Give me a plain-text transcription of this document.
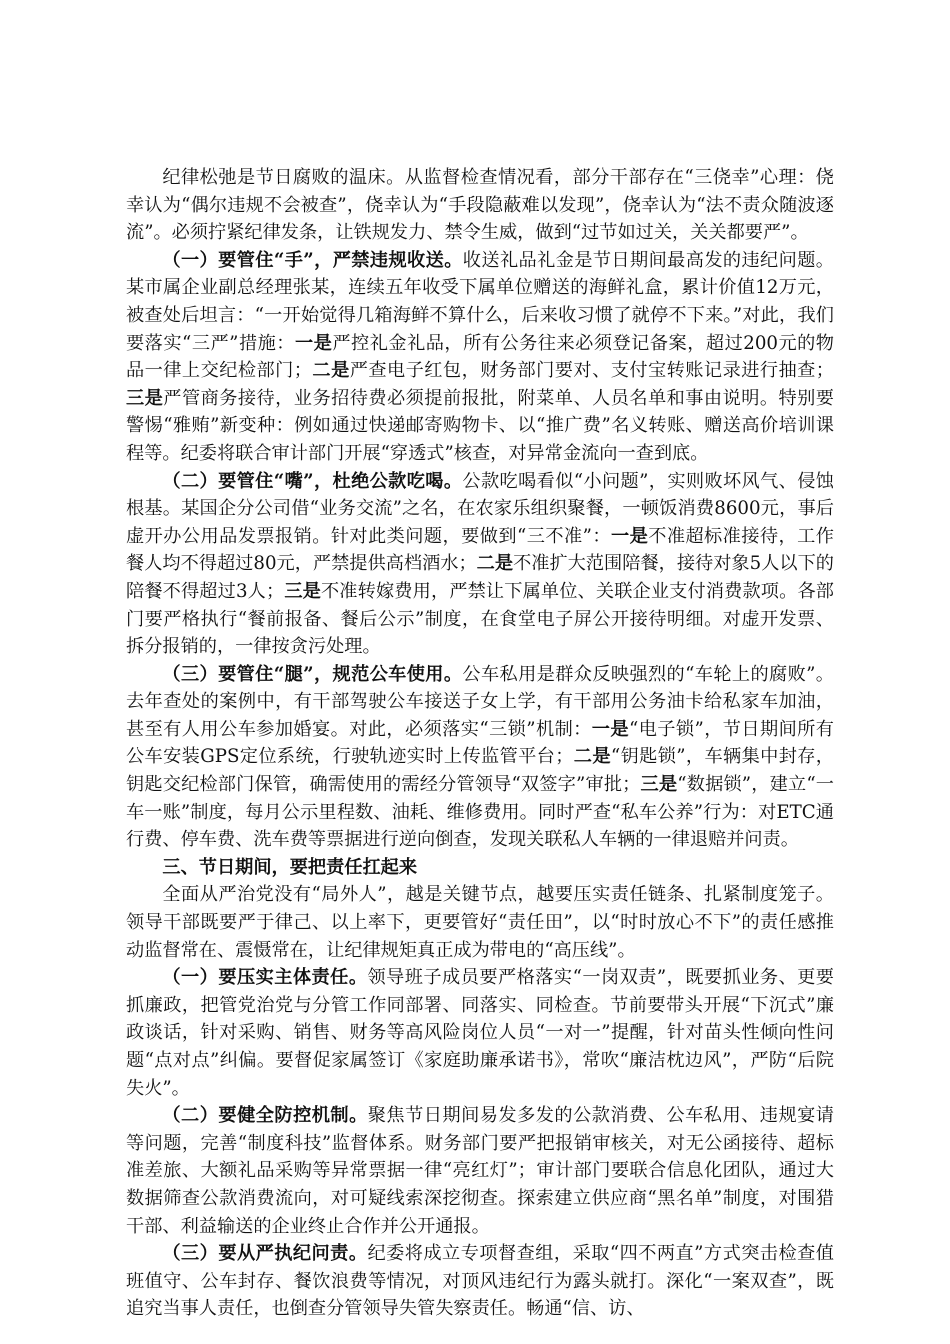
纪律松弛是节日腐败的温床。从监督检查情况看，部分干部存在“三侥幸”心理：侥幸认为“偶尔违规不会被查”，侥幸认为“手段隐蔽难以发现”，侥幸认为“法不责众随波逐流”。必须拧紧纪律发条，让铁规发力、禁令生威，做到“过节如过关，关关都要严”。

（一）要管住“手”，严禁违规收送。收送礼品礼金是节日期间最高发的违纪问题。某市属企业副总经理张某，连续五年收受下属单位赠送的海鲜礼盒，累计价值12万元，被查处后坦言：“一开始觉得几箱海鲜不算什么，后来收习惯了就停不下来。”对此，我们要落实“三严”措施：一是严控礼金礼品，所有公务往来必须登记备案，超过200元的物品一律上交纪检部门；二是严查电子红包，财务部门要对、支付宝转账记录进行抽查；三是严管商务接待，业务招待费必须提前报批，附菜单、人员名单和事由说明。特别要警惕“雅贿”新变种：例如通过快递邮寄购物卡、以“推广费”名义转账、赠送高价培训课程等。纪委将联合审计部门开展“穿透式”核查，对异常金流向一查到底。

（二）要管住“嘴”，杜绝公款吃喝。公款吃喝看似“小问题”，实则败坏风气、侵蚀根基。某国企分公司借“业务交流”之名，在农家乐组织聚餐，一顿饭消费8600元，事后虚开办公用品发票报销。针对此类问题，要做到“三不准”：一是不准超标准接待，工作餐人均不得超过80元，严禁提供高档酒水；二是不准扩大范围陪餐，接待对象5人以下的陪餐不得超过3人；三是不准转嫁费用，严禁让下属单位、关联企业支付消费款项。各部门要严格执行“餐前报备、餐后公示”制度，在食堂电子屏公开接待明细。对虚开发票、拆分报销的，一律按贪污处理。

（三）要管住“腿”，规范公车使用。公车私用是群众反映强烈的“车轮上的腐败”。去年查处的案例中，有干部驾驶公车接送子女上学，有干部用公务油卡给私家车加油，甚至有人用公车参加婚宴。对此，必须落实“三锁”机制：一是“电子锁”，节日期间所有公车安装GPS定位系统，行驶轨迹实时上传监管平台；二是“钥匙锁”，车辆集中封存，钥匙交纪检部门保管，确需使用的需经分管领导“双签字”审批；三是“数据锁”，建立“一车一账”制度，每月公示里程数、油耗、维修费用。同时严查“私车公养”行为：对ETC通行费、停车费、洗车费等票据进行逆向倒查，发现关联私人车辆的一律退赔并问责。

三、节日期间，要把责任扛起来

全面从严治党没有“局外人”，越是关键节点，越要压实责任链条、扎紧制度笼子。领导干部既要严于律己、以上率下，更要管好“责任田”，以“时时放心不下”的责任感推动监督常在、震慑常在，让纪律规矩真正成为带电的“高压线”。

（一）要压实主体责任。领导班子成员要严格落实“一岗双责”，既要抓业务、更要抓廉政，把管党治党与分管工作同部署、同落实、同检查。节前要带头开展“下沉式”廉政谈话，针对采购、销售、财务等高风险岗位人员“一对一”提醒，针对苗头性倾向性问题“点对点”纠偏。要督促家属签订《家庭助廉承诺书》，常吹“廉洁枕边风”，严防“后院失火”。

（二）要健全防控机制。聚焦节日期间易发多发的公款消费、公车私用、违规宴请等问题，完善“制度科技”监督体系。财务部门要严把报销审核关，对无公函接待、超标准差旅、大额礼品采购等异常票据一律“亮红灯”；审计部门要联合信息化团队，通过大数据筛查公款消费流向，对可疑线索深挖彻查。探索建立供应商“黑名单”制度，对围猎干部、利益输送的企业终止合作并公开通报。

（三）要从严执纪问责。纪委将成立专项督查组，采取“四不两直”方式突击检查值班值守、公车封存、餐饮浪费等情况，对顶风违纪行为露头就打。深化“一案双查”，既追究当事人责任，也倒查分管领导失管失察责任。畅通“信、访、
